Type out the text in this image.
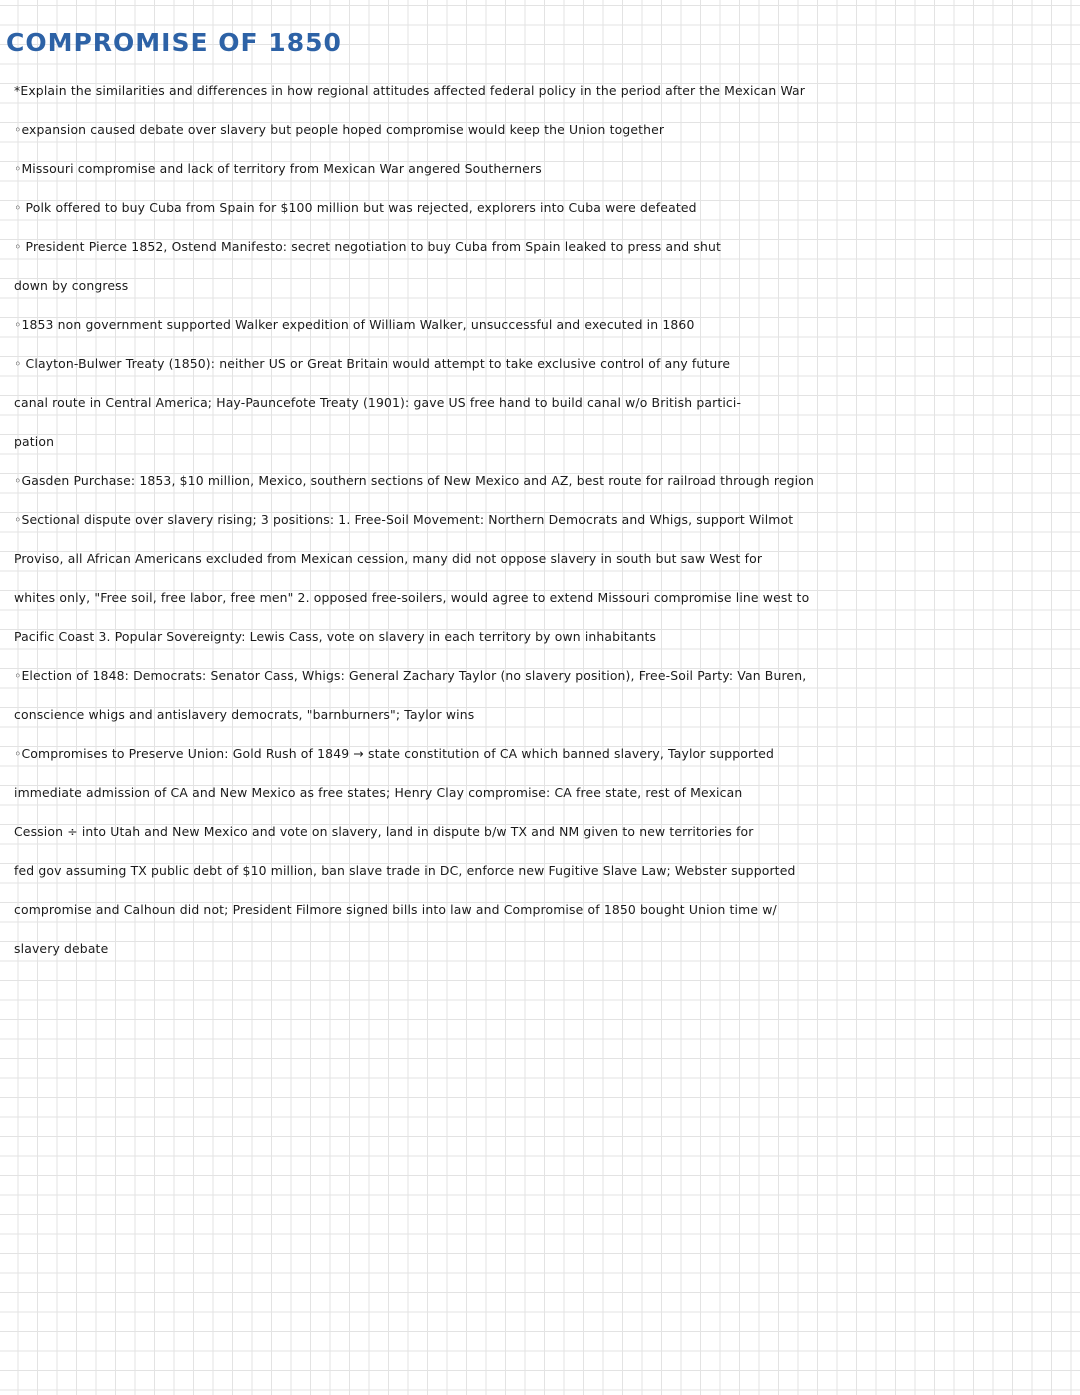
COMPROMISE OF 1850
*Explain the similarities and differences in how regional attitudes affected federal policy in the period after the Mexican War
◦expansion caused debate over slavery but people hoped compromise would keep the Union together
◦Missouri compromise and lack of territory from Mexican War angered Southerners
◦ Polk offered to buy Cuba from Spain for $100 million but was rejected, explorers into Cuba were defeated
◦ President Pierce 1852, Ostend Manifesto: secret negotiation to buy Cuba from Spain leaked to press and shut
down by congress
◦1853 non government supported Walker expedition of William Walker, unsuccessful and executed in 1860
◦ Clayton-Bulwer Treaty (1850): neither US or Great Britain would attempt to take exclusive control of any future
canal route in Central America; Hay-Pauncefote Treaty (1901): gave US free hand to build canal w/o British partici-
pation
◦Gasden Purchase: 1853, $10 million, Mexico, southern sections of New Mexico and AZ, best route for railroad through region
◦Sectional dispute over slavery rising; 3 positions: 1. Free-Soil Movement: Northern Democrats and Whigs, support Wilmot
Proviso, all African Americans excluded from Mexican cession, many did not oppose slavery in south but saw West for
whites only, "Free soil, free labor, free men" 2. opposed free-soilers, would agree to extend Missouri compromise line west to
Pacific Coast 3. Popular Sovereignty: Lewis Cass, vote on slavery in each territory by own inhabitants
◦Election of 1848: Democrats: Senator Cass, Whigs: General Zachary Taylor (no slavery position), Free-Soil Party: Van Buren,
conscience whigs and antislavery democrats, "barnburners"; Taylor wins
◦Compromises to Preserve Union: Gold Rush of 1849 → state constitution of CA which banned slavery, Taylor supported
immediate admission of CA and New Mexico as free states; Henry Clay compromise: CA free state, rest of Mexican
Cession ÷ into Utah and New Mexico and vote on slavery, land in dispute b/w TX and NM given to new territories for
fed gov assuming TX public debt of $10 million, ban slave trade in DC, enforce new Fugitive Slave Law; Webster supported
compromise and Calhoun did not; President Filmore signed bills into law and Compromise of 1850 bought Union time w/
slavery debate
